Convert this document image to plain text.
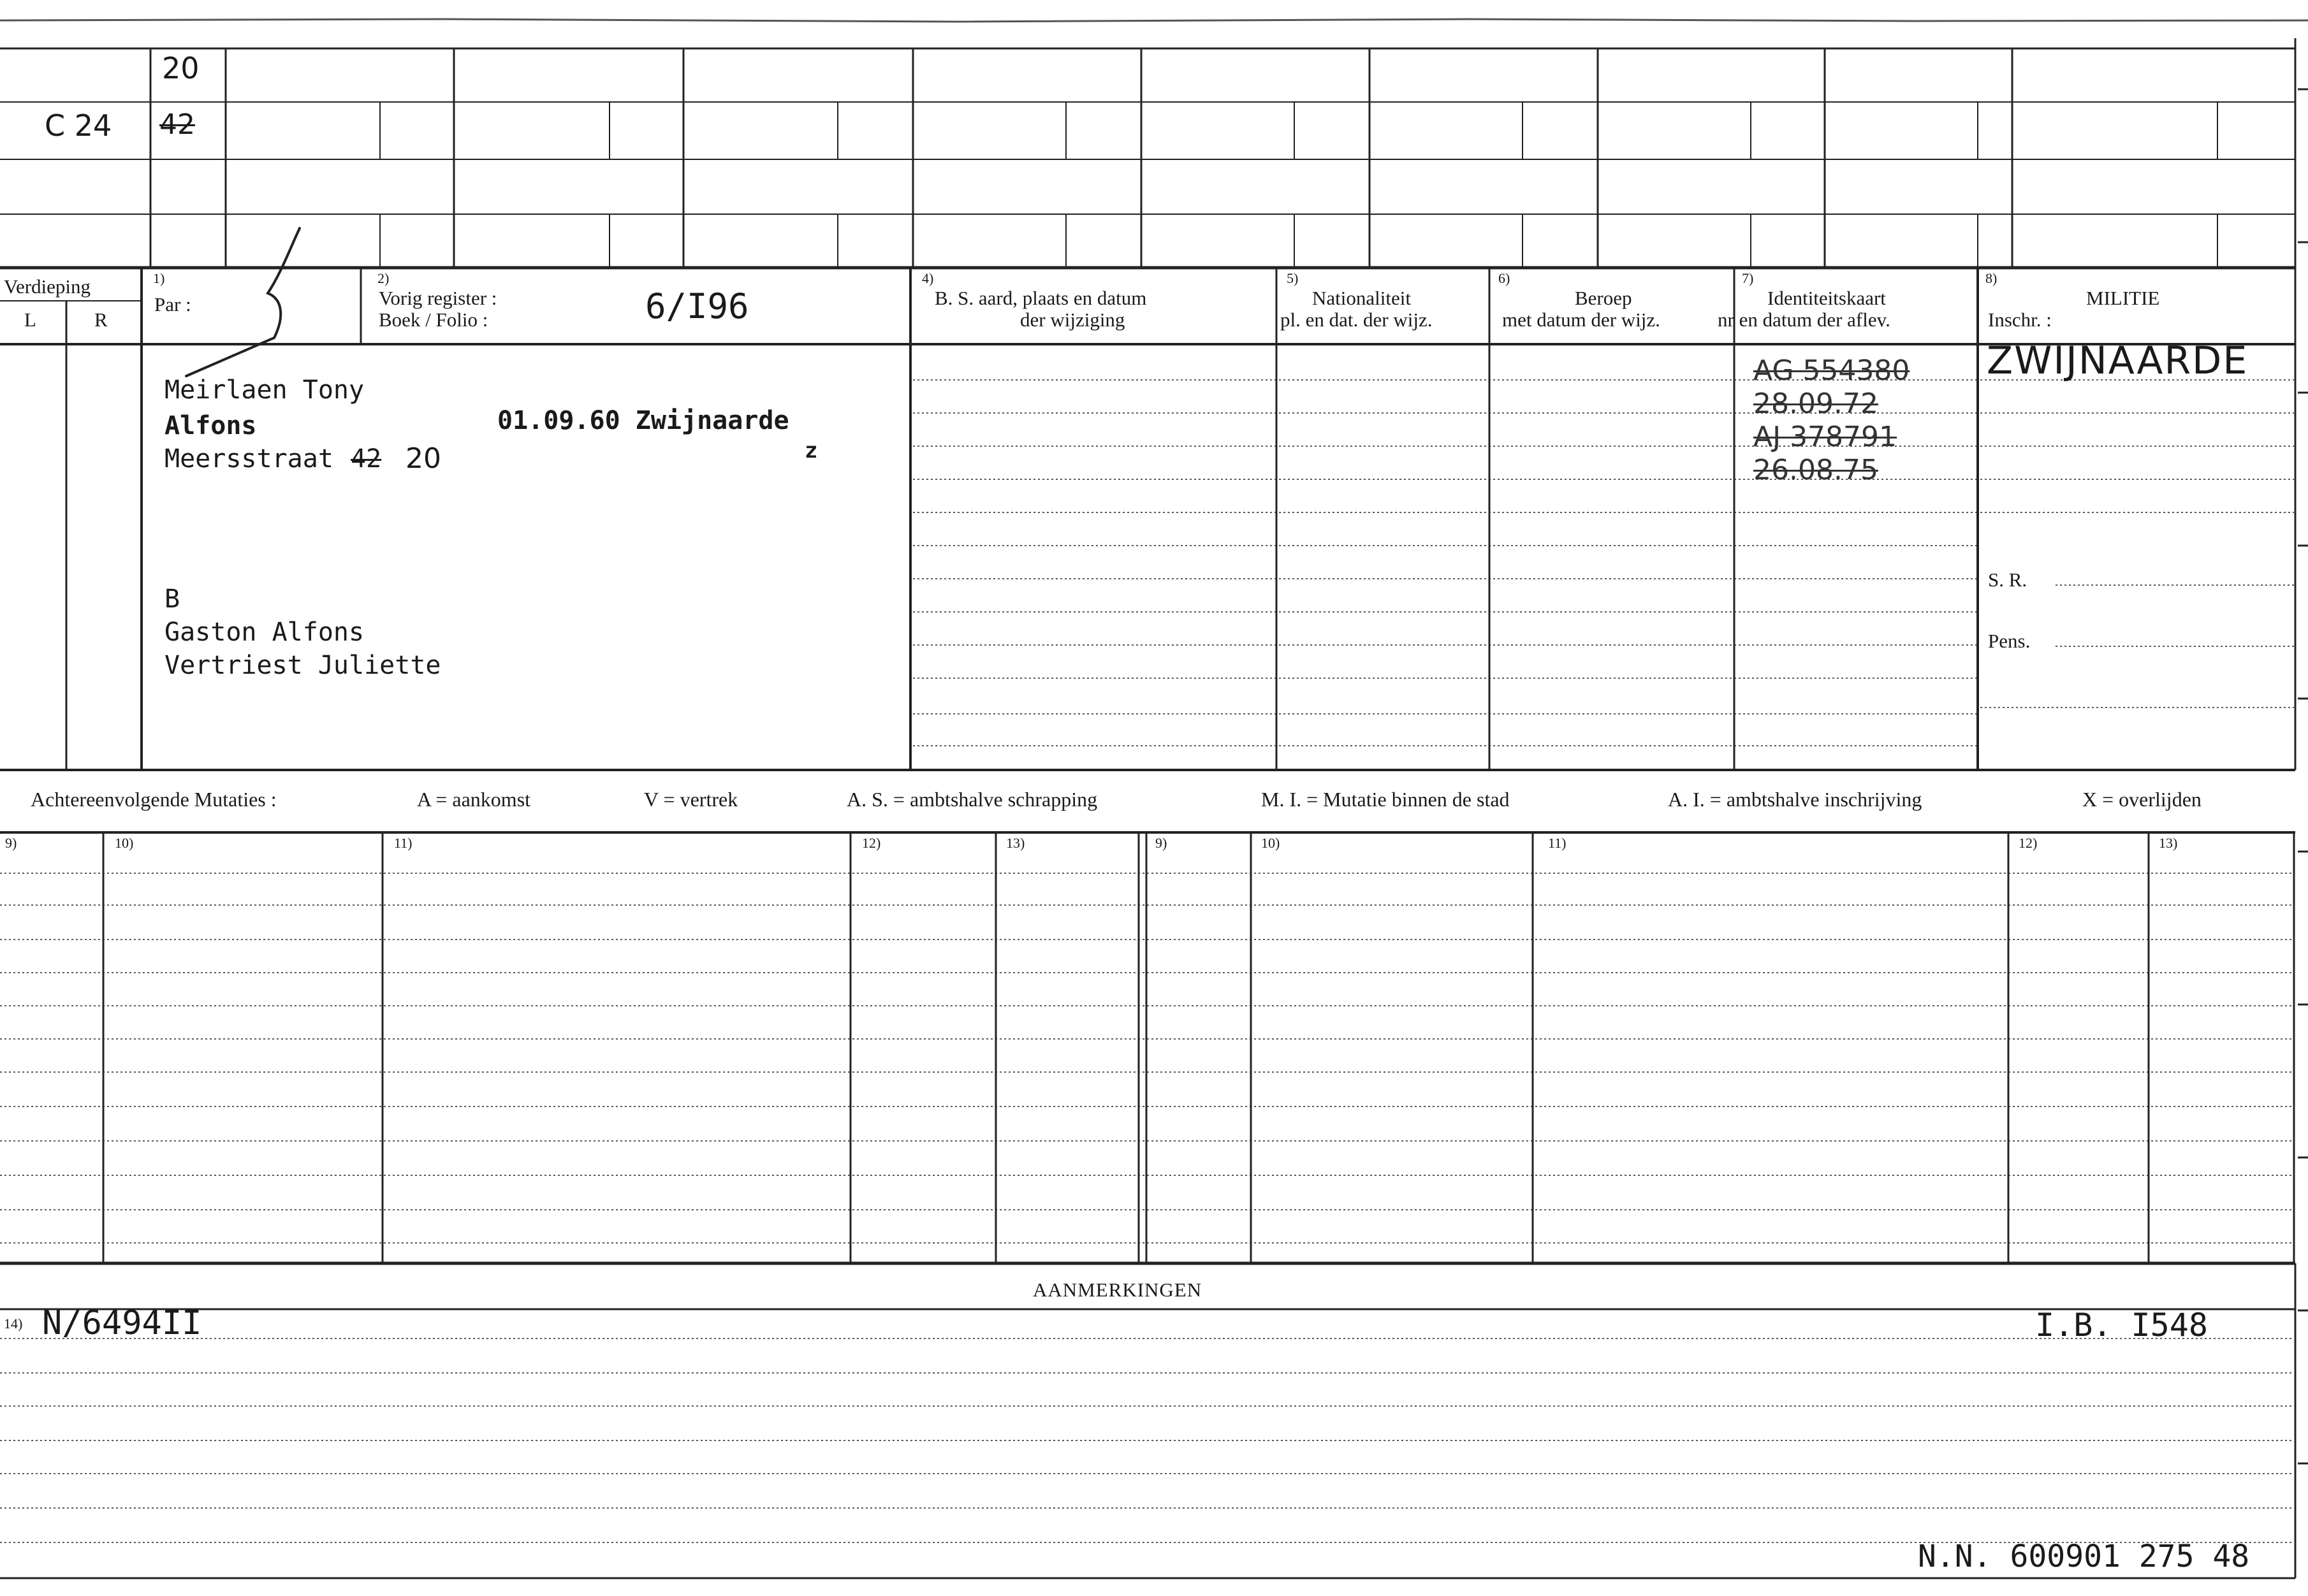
20
C 24 42
Verdieping
L	R
1)
Par :
2)
Vorig register :
Boek / Folio :	6/I96
4)
B. S. aard, plaats en datum
der wijziging
5)
Nationaliteit
pl. en dat. der wijz.
6)
Beroep
met datum der wijz.
7)
Identiteitskaart
nr en datum der aflev.
8)
MILITIE
Inschr. :
Meirlaen Tony
Alfons	01.09.60 Zwijnaarde
Meersstraat 42 20	z
B
Gaston Alfons
Vertriest Juliette
AG 554380
28.09.72
AJ 378791
26.08.75
ZWIJNAARDE
S. R.
Pens.
Achtereenvolgende Mutaties :	A = aankomst	V = vertrek	A. S. = ambtshalve schrapping	M. I. = Mutatie binnen de stad	A. I. = ambtshalve inschrijving	X = overlijden
9)	10)	11)	12)	13)	9)	10)	11)	12)	13)
AANMERKINGEN
14) N/6494II	I.B. I548
N.N. 600901 275 48
